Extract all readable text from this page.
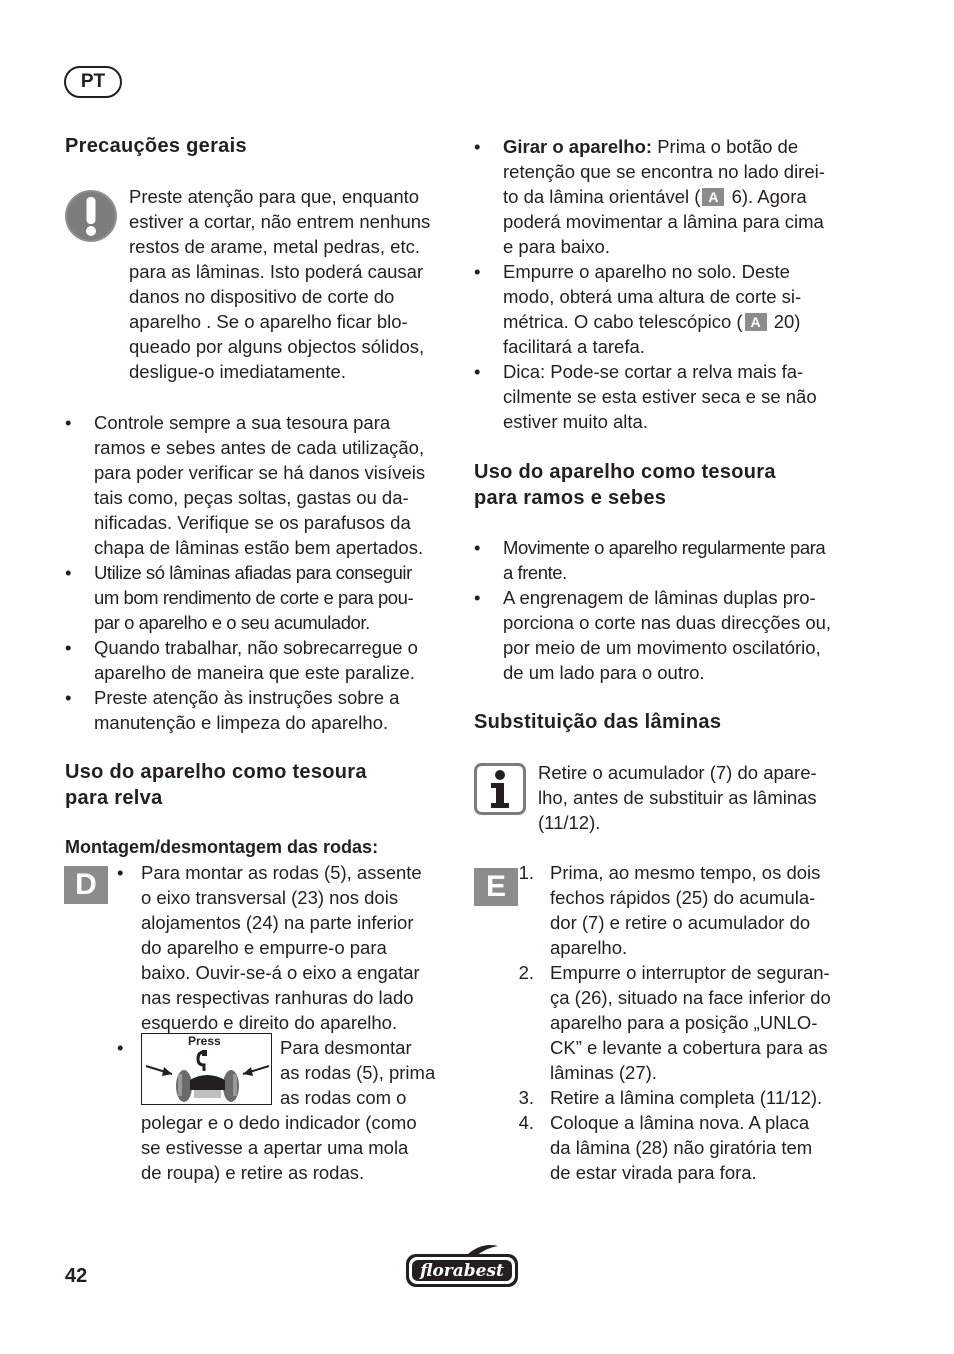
PT
Precauções gerais
Preste atenção para que, enquanto
estiver a cortar, não entrem nenhuns
restos de arame, metal pedras, etc.
para as lâminas. Isto poderá causar
danos no dispositivo de corte do
aparelho . Se o aparelho ficar blo-
queado por alguns objectos sólidos,
desligue-o imediatamente.
• Controle sempre a sua tesoura para
ramos e sebes antes de cada utilização,
para poder verificar se há danos visíveis
tais como, peças soltas, gastas ou da-
nificadas. Verifique se os parafusos da
chapa de lâminas estão bem apertados.
• Utilize só lâminas afiadas para conseguir
um bom rendimento de corte e para pou-
par o aparelho e o seu acumulador.
• Quando trabalhar, não sobrecarregue o
aparelho de maneira que este paralize.
• Preste atenção às instruções sobre a
manutenção e limpeza do aparelho.
Uso do aparelho como tesoura
para relva
Montagem/desmontagem das rodas:
D	• Para montar as rodas (5), assente
o eixo transversal (23) nos dois
alojamentos (24) na parte inferior
do aparelho e empurre-o para
baixo. Ouvir-se-á o eixo a engatar
nas respectivas ranhuras do lado
esquerdo e direito do aparelho.
•	Press	Para desmontar
as rodas (5), prima
as rodas com o
polegar e o dedo indicador (como
se estivesse a apertar uma mola
de roupa) e retire as rodas.
• Girar o aparelho: Prima o botão de
retenção que se encontra no lado direi-
to da lâmina orientável ( A 6). Agora
poderá movimentar a lâmina para cima
e para baixo.
• Empurre o aparelho no solo. Deste
modo, obterá uma altura de corte si-
métrica. O cabo telescópico ( A 20)
facilitará a tarefa.
• Dica: Pode-se cortar a relva mais fa-
cilmente se esta estiver seca e se não
estiver muito alta.
Uso do aparelho como tesoura
para ramos e sebes
• Movimente o aparelho regularmente para
a frente.
• A engrenagem de lâminas duplas pro-
porciona o corte nas duas direcções ou,
por meio de um movimento oscilatório,
de um lado para o outro.
Substituição das lâminas
Retire o acumulador (7) do apare-
lho, antes de substituir as lâminas
(11/12).
E 1. Prima, ao mesmo tempo, os dois
fechos rápidos (25) do acumula-
dor (7) e retire o acumulador do
aparelho.
2. Empurre o interruptor de seguran-
ça (26), situado na face inferior do
aparelho para a posição „UNLO-
CK” e levante a cobertura para as
lâminas (27).
3. Retire a lâmina completa (11/12).
4. Coloque a lâmina nova. A placa
da lâmina (28) não giratória tem
de estar virada para fora.
42	florabest
